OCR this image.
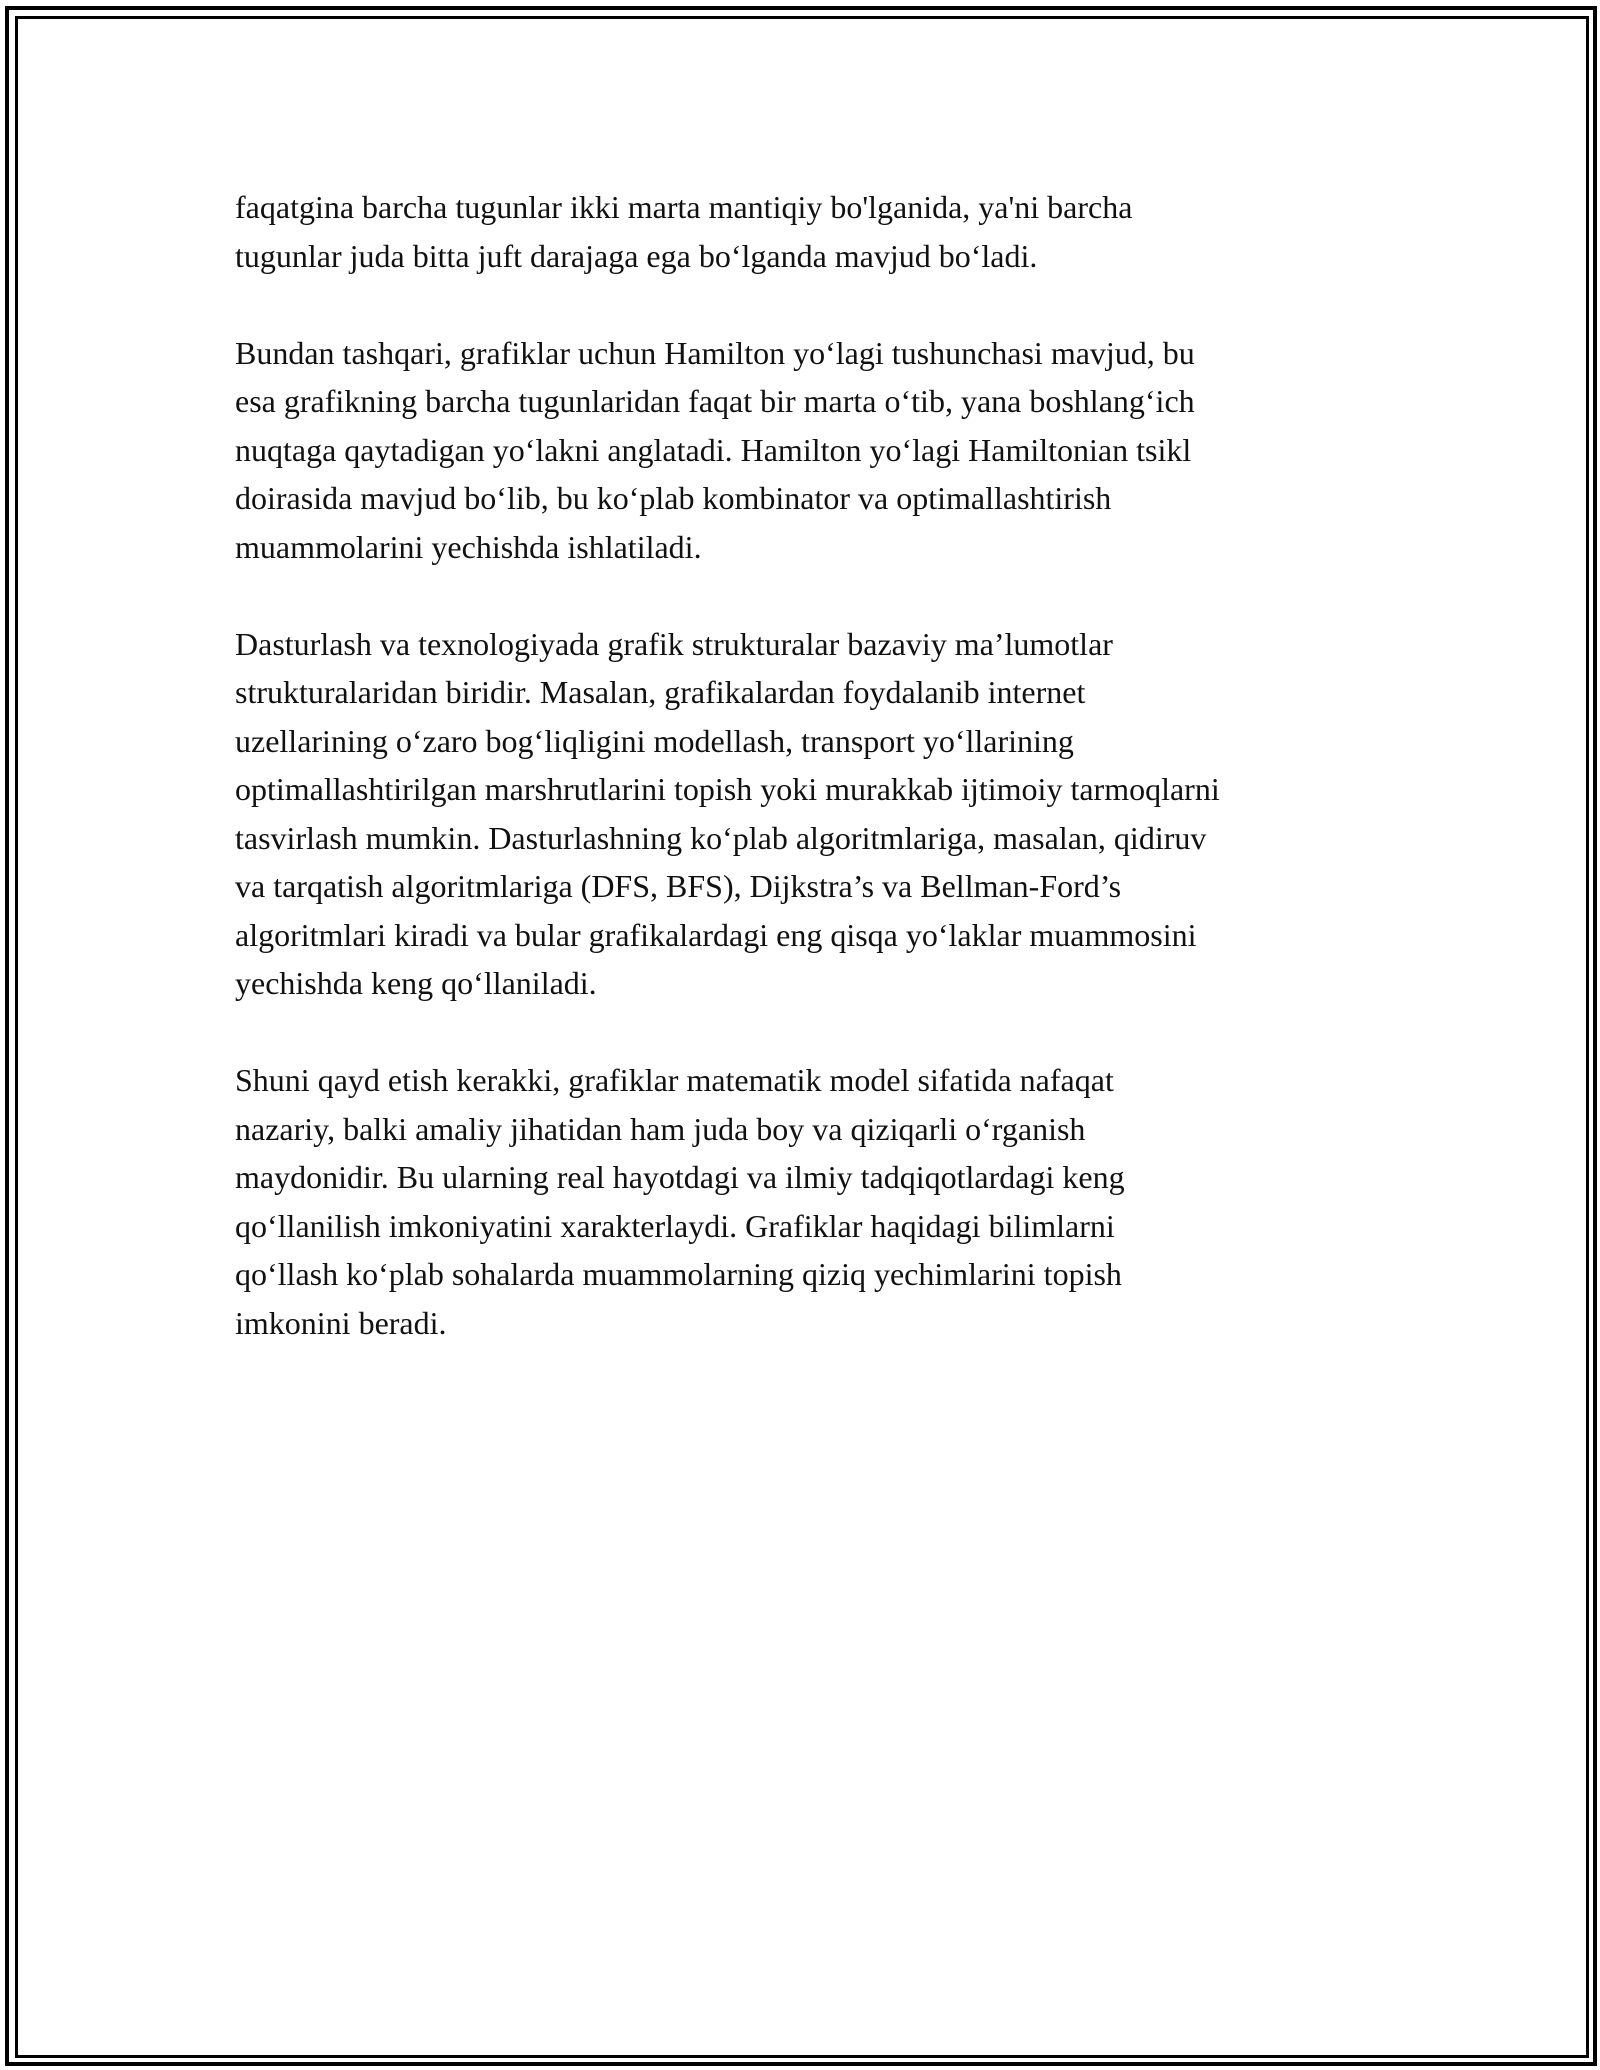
faqatgina barcha tugunlar ikki marta mantiqiy bo'lganida, ya'ni barcha
tugunlar juda bitta juft darajaga ega bo‘lganda mavjud bo‘ladi.

Bundan tashqari, grafiklar uchun Hamilton yo‘lagi tushunchasi mavjud, bu
esa grafikning barcha tugunlaridan faqat bir marta o‘tib, yana boshlang‘ich
nuqtaga qaytadigan yo‘lakni anglatadi. Hamilton yo‘lagi Hamiltonian tsikl
doirasida mavjud bo‘lib, bu ko‘plab kombinator va optimallashtirish
muammolarini yechishda ishlatiladi.

Dasturlash va texnologiyada grafik strukturalar bazaviy ma’lumotlar
strukturalaridan biridir. Masalan, grafikalardan foydalanib internet
uzellarining o‘zaro bog‘liqligini modellash, transport yo‘llarining
optimallashtirilgan marshrutlarini topish yoki murakkab ijtimoiy tarmoqlarni
tasvirlash mumkin. Dasturlashning ko‘plab algoritmlariga, masalan, qidiruv
va tarqatish algoritmlariga (DFS, BFS), Dijkstra’s va Bellman-Ford’s
algoritmlari kiradi va bular grafikalardagi eng qisqa yo‘laklar muammosini
yechishda keng qo‘llaniladi.

Shuni qayd etish kerakki, grafiklar matematik model sifatida nafaqat
nazariy, balki amaliy jihatidan ham juda boy va qiziqarli o‘rganish
maydonidir. Bu ularning real hayotdagi va ilmiy tadqiqotlardagi keng
qo‘llanilish imkoniyatini xarakterlaydi. Grafiklar haqidagi bilimlarni
qo‘llash ko‘plab sohalarda muammolarning qiziq yechimlarini topish
imkonini beradi.
